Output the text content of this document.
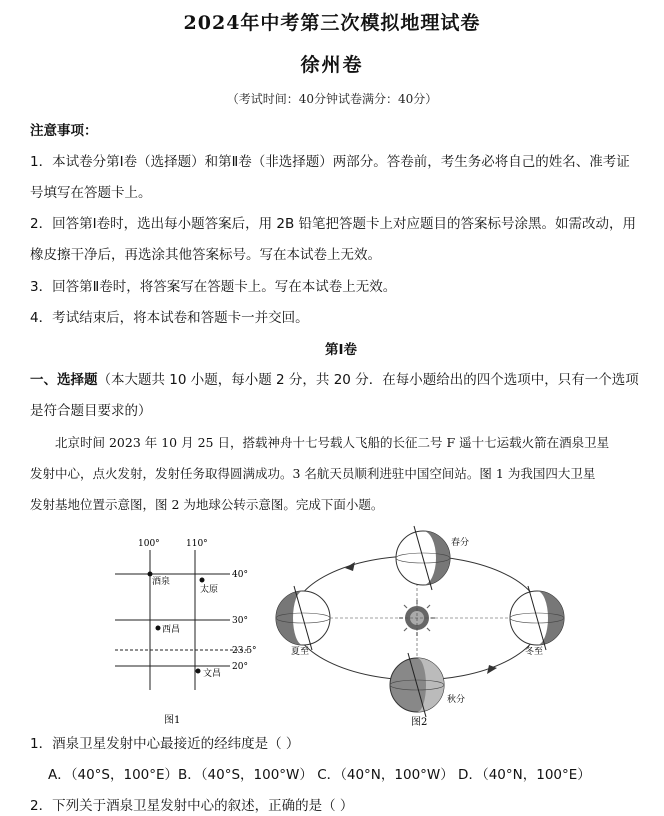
2024年中考第三次模拟地理试卷
徐州卷
（考试时间：40分钟试卷满分：40分）
注意事项：
1．本试卷分第Ⅰ卷（选择题）和第Ⅱ卷（非选择题）两部分。答卷前，考生务必将自己的姓名、准考证
号填写在答题卡上。
2．回答第Ⅰ卷时，选出每小题答案后，用 2B 铅笔把答题卡上对应题目的答案标号涂黑。如需改动，用
橡皮擦干净后，再选涂其他答案标号。写在本试卷上无效。
3．回答第Ⅱ卷时，将答案写在答题卡上。写在本试卷上无效。
4．考试结束后，将本试卷和答题卡一并交回。
第Ⅰ卷
一、选择题（本大题共 10 小题，每小题 2 分，共 20 分．在每小题给出的四个选项中，只有一个选项
是符合题目要求的）
北京时间 2023 年 10 月 25 日，搭载神舟十七号载人飞船的长征二号 F 遥十七运载火箭在酒泉卫星
发射中心，点火发射，发射任务取得圆满成功。3 名航天员顺利进驻中国空间站。图 1 为我国四大卫星
发射基地位置示意图，图 2 为地球公转示意图。完成下面小题。
100°	110°
40°
30°
23.5°
20°
酒泉
太原
西昌
文昌
图1
春分
夏至
秋分
冬至
图2
1．酒泉卫星发射中心最接近的经纬度是（ ）
A．（40°S，100°E）B．（40°S，100°W） C．（40°N，100°W） D．（40°N，100°E）
2．下列关于酒泉卫星发射中心的叙述，正确的是（ ）
